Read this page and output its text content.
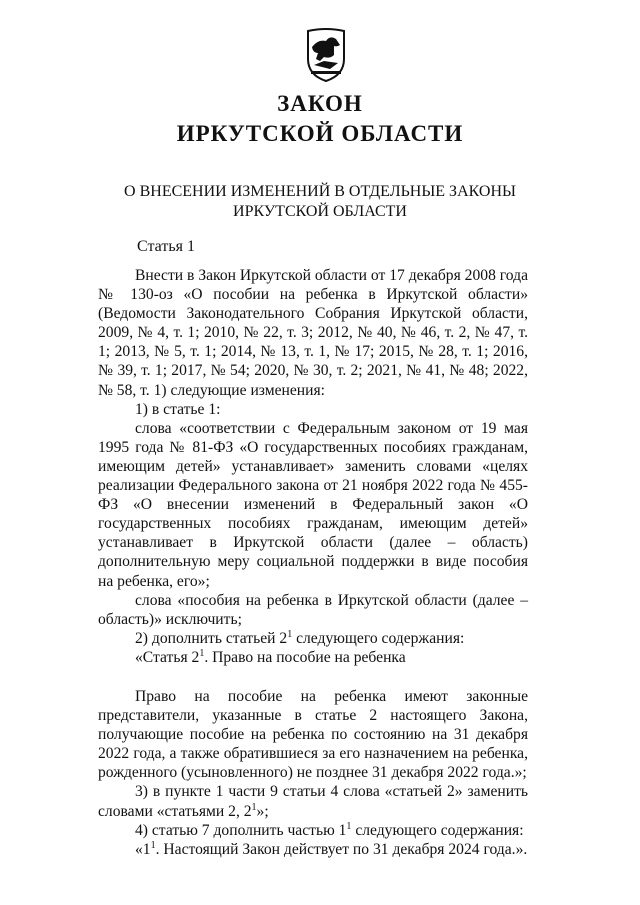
ЗАКОН
ИРКУТСКОЙ ОБЛАСТИ
О ВНЕСЕНИИ ИЗМЕНЕНИЙ В ОТДЕЛЬНЫЕ ЗАКОНЫ ИРКУТСКОЙ ОБЛАСТИ
Статья 1

Внести в Закон Иркутской области от 17 декабря 2008 года № 130-оз «О пособии на ребенка в Иркутской области» (Ведомости Законодательного Собрания Иркутской области, 2009, № 4, т. 1; 2010, № 22, т. 3; 2012, № 40, № 46, т. 2, № 47, т. 1; 2013, № 5, т. 1; 2014, № 13, т. 1, № 17; 2015, № 28, т. 1; 2016, № 39, т. 1; 2017, № 54; 2020, № 30, т. 2; 2021, № 41, № 48; 2022, № 58, т. 1) следующие изменения:

1) в статье 1:

слова «соответствии с Федеральным законом от 19 мая 1995 года № 81-ФЗ «О государственных пособиях гражданам, имеющим детей» устанавливает» заменить словами «целях реализации Федерального закона от 21 ноября 2022 года № 455-ФЗ «О внесении изменений в Федеральный закон «О государственных пособиях гражданам, имеющим детей» устанавливает в Иркутской области (далее – область) дополнительную меру социальной поддержки в виде пособия на ребенка, его»;

слова «пособия на ребенка в Иркутской области (далее – область)» исключить;

2) дополнить статьей $2^1$ следующего содержания:

«Статья $2^1$. Право на пособие на ребенка

Право на пособие на ребенка имеют законные представители, указанные в статье 2 настоящего Закона, получающие пособие на ребенка по состоянию на 31 декабря 2022 года, а также обратившиеся за его назначением на ребенка, рожденного (усыновленного) не позднее 31 декабря 2022 года.»;

3) в пункте 1 части 9 статьи 4 слова «статьей 2» заменить словами «статьями 2, $2^1$»;

4) статью 7 дополнить частью $1^1$ следующего содержания:

«$1^1$. Настоящий Закон действует по 31 декабря 2024 года.».
